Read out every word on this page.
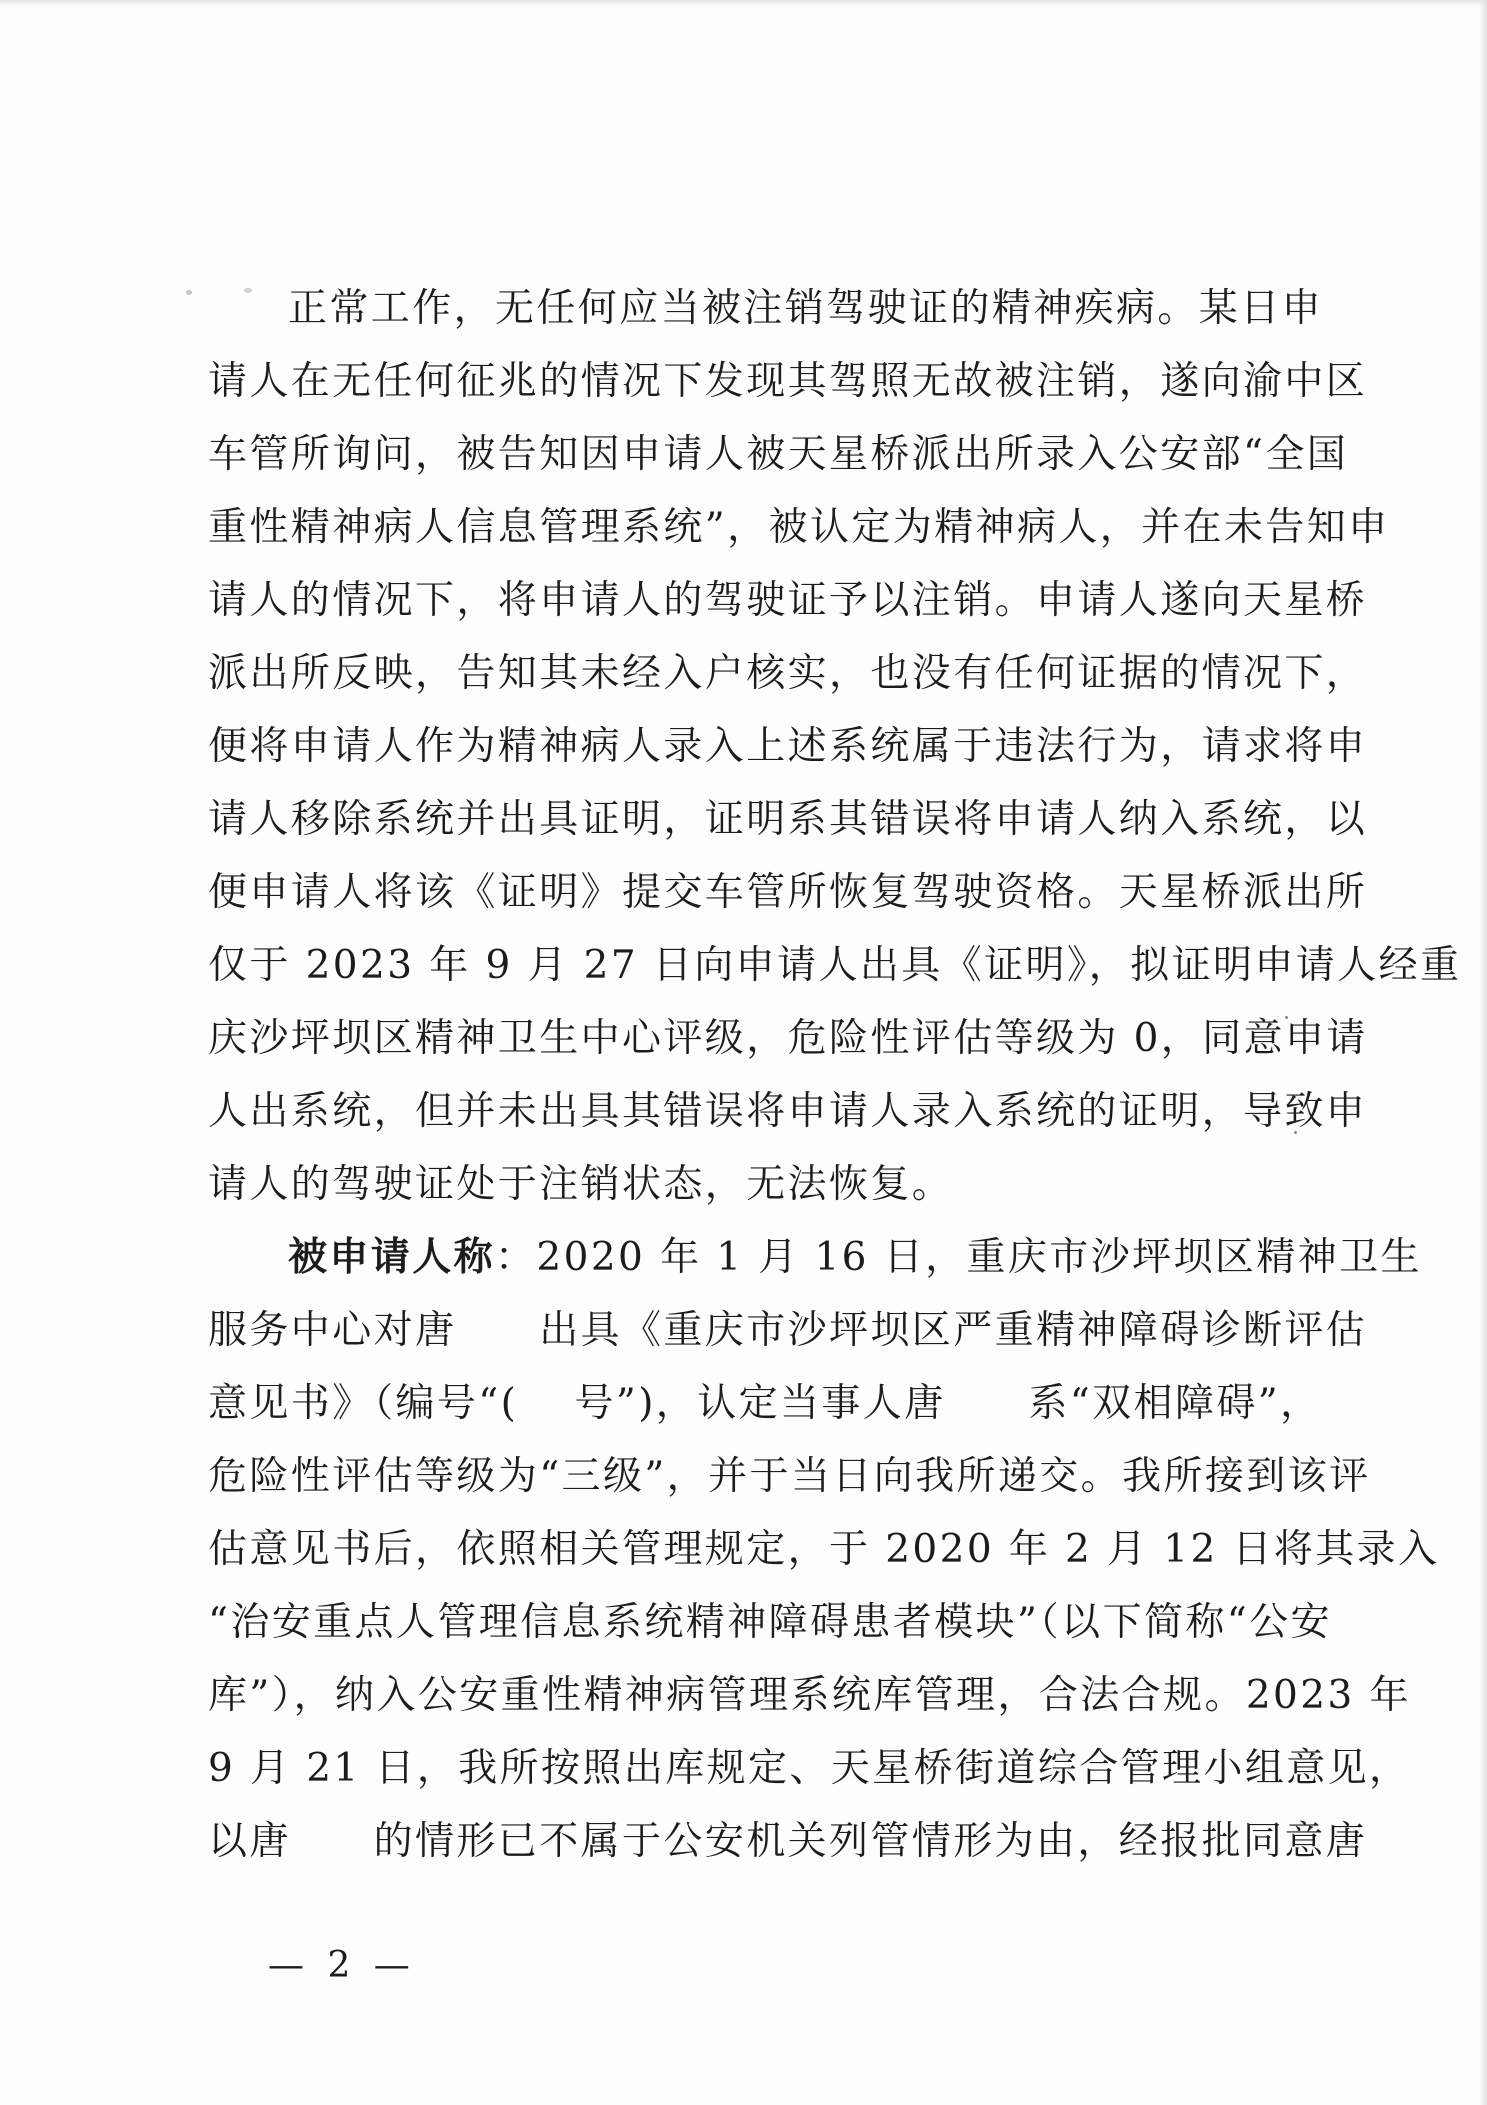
正常工作，无任何应当被注销驾驶证的精神疾病。某日申
请人在无任何征兆的情况下发现其驾照无故被注销，遂向渝中区
车管所询问，被告知因申请人被天星桥派出所录入公安部“全国
重性精神病人信息管理系统”，被认定为精神病人，并在未告知申
请人的情况下，将申请人的驾驶证予以注销。申请人遂向天星桥
派出所反映，告知其未经入户核实，也没有任何证据的情况下，
便将申请人作为精神病人录入上述系统属于违法行为，请求将申
请人移除系统并出具证明，证明系其错误将申请人纳入系统，以
便申请人将该《证明》提交车管所恢复驾驶资格。天星桥派出所
仅于 2023 年 9 月 27 日向申请人出具《证明》，拟证明申请人经重
庆沙坪坝区精神卫生中心评级，危险性评估等级为 0，同意申请
人出系统，但并未出具其错误将申请人录入系统的证明，导致申
请人的驾驶证处于注销状态，无法恢复。
被申请人称：2020 年 1 月 16 日，重庆市沙坪坝区精神卫生
服务中心对唐　　出具《重庆市沙坪坝区严重精神障碍诊断评估
意见书》（编号“(　 号”)，认定当事人唐　　系“双相障碍”，
危险性评估等级为“三级”，并于当日向我所递交。我所接到该评
估意见书后，依照相关管理规定，于 2020 年 2 月 12 日将其录入
“治安重点人管理信息系统精神障碍患者模块”（以下简称“公安
库”），纳入公安重性精神病管理系统库管理，合法合规。2023 年
9 月 21 日，我所按照出库规定、天星桥街道综合管理小组意见，
以唐　　的情形已不属于公安机关列管情形为由，经报批同意唐
— 2 —
